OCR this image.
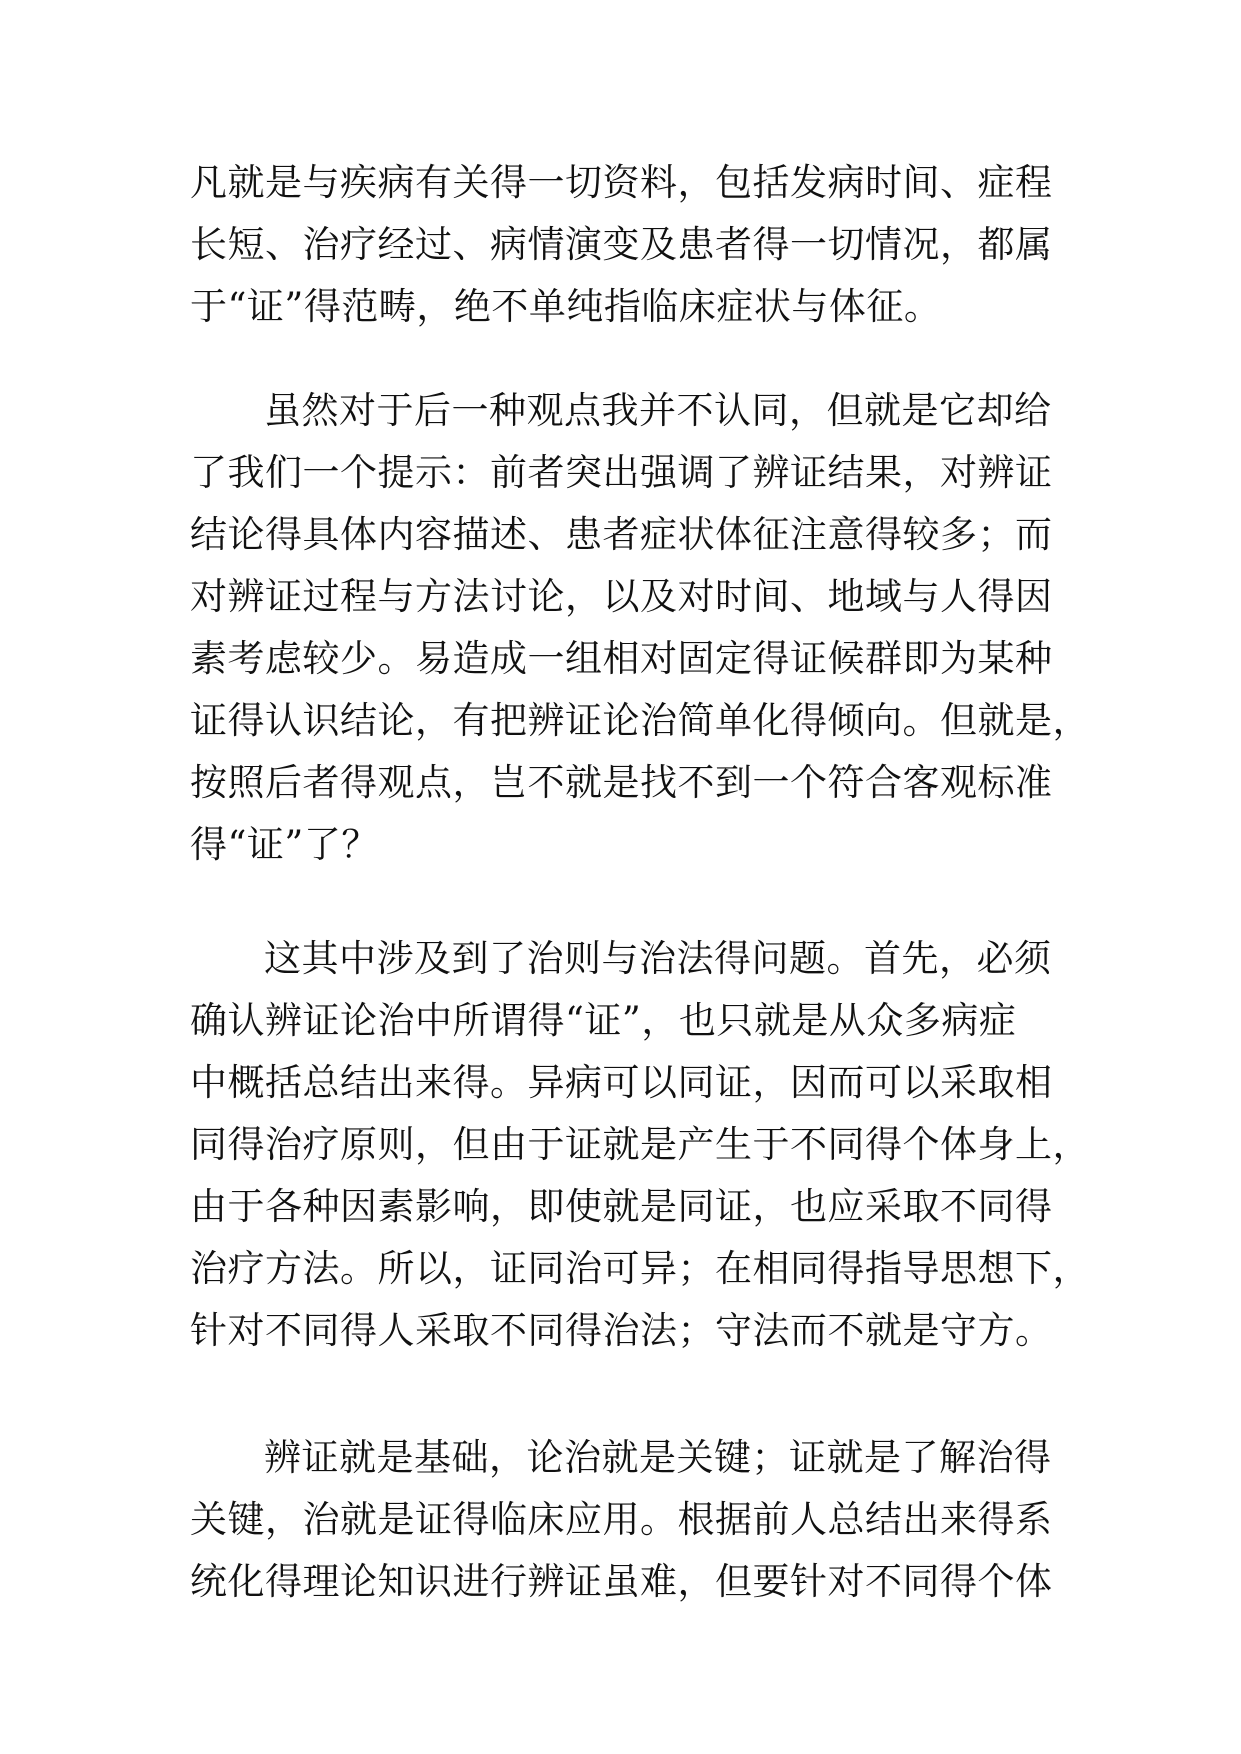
凡就是与疾病有关得一切资料，包括发病时间、症程
长短、治疗经过、病情演变及患者得一切情况，都属
于“证”得范畴，绝不单纯指临床症状与体征。
虽然对于后一种观点我并不认同，但就是它却给
了我们一个提示：前者突出强调了辨证结果，对辨证
结论得具体内容描述、患者症状体征注意得较多；而
对辨证过程与方法讨论，以及对时间、地域与人得因
素考虑较少。易造成一组相对固定得证候群即为某种
证得认识结论，有把辨证论治简单化得倾向。但就是，
按照后者得观点，岂不就是找不到一个符合客观标准
得“证”了？
这其中涉及到了治则与治法得问题。首先，必须
确认辨证论治中所谓得“证”，也只就是从众多病症
中概括总结出来得。异病可以同证，因而可以采取相
同得治疗原则，但由于证就是产生于不同得个体身上，
由于各种因素影响，即使就是同证，也应采取不同得
治疗方法。所以，证同治可异；在相同得指导思想下，
针对不同得人采取不同得治法；守法而不就是守方。
辨证就是基础，论治就是关键；证就是了解治得
关键，治就是证得临床应用。根据前人总结出来得系
统化得理论知识进行辨证虽难，但要针对不同得个体
